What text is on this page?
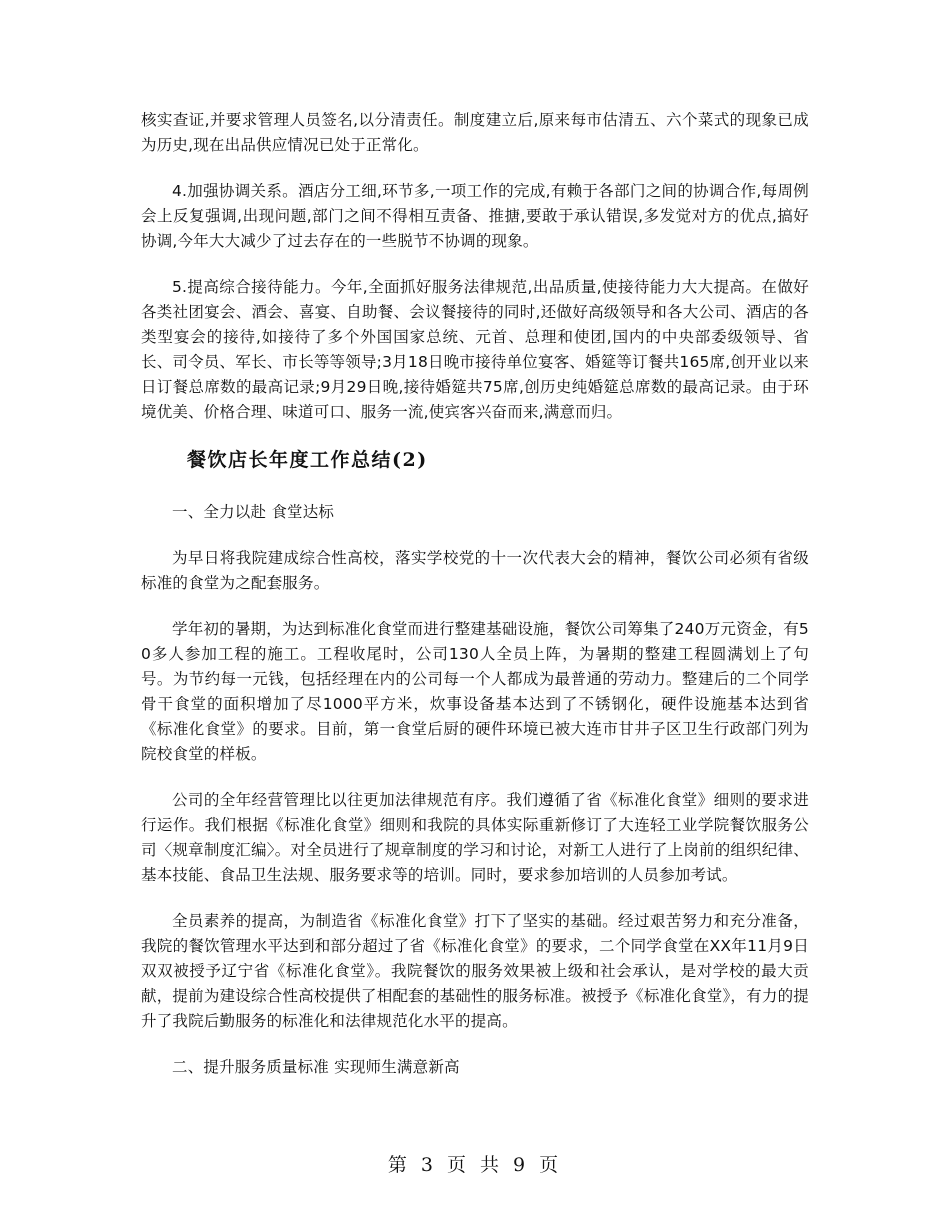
核实查证,并要求管理人员签名,以分清责任。制度建立后,原来每市估清五、六个菜式的现象已成为历史,现在出品供应情况已处于正常化。

4.加强协调关系。酒店分工细,环节多,一项工作的完成,有赖于各部门之间的协调合作,每周例会上反复强调,出现问题,部门之间不得相互责备、推搪,要敢于承认错误,多发觉对方的优点,搞好协调,今年大大减少了过去存在的一些脱节不协调的现象。

5.提高综合接待能力。今年,全面抓好服务法律规范,出品质量,使接待能力大大提高。在做好各类社团宴会、酒会、喜宴、自助餐、会议餐接待的同时,还做好高级领导和各大公司、酒店的各类型宴会的接待,如接待了多个外国国家总统、元首、总理和使团,国内的中央部委级领导、省长、司令员、军长、市长等等领导;3月18日晚市接待单位宴客、婚筵等订餐共165席,创开业以来日订餐总席数的最高记录;9月29日晚,接待婚筵共75席,创历史纯婚筵总席数的最高记录。由于环境优美、价格合理、味道可口、服务一流,使宾客兴奋而来,满意而归。

餐饮店长年度工作总结(2)

一、全力以赴 食堂达标

为早日将我院建成综合性高校，落实学校党的十一次代表大会的精神，餐饮公司必须有省级标准的食堂为之配套服务。

学年初的暑期，为达到标准化食堂而进行整建基础设施，餐饮公司筹集了240万元资金，有50多人参加工程的施工。工程收尾时，公司130人全员上阵，为暑期的整建工程圆满划上了句号。为节约每一元钱，包括经理在内的公司每一个人都成为最普通的劳动力。整建后的二个同学骨干食堂的面积增加了尽1000平方米，炊事设备基本达到了不锈钢化，硬件设施基本达到省《标准化食堂》的要求。目前，第一食堂后厨的硬件环境已被大连市甘井子区卫生行政部门列为院校食堂的样板。

公司的全年经营管理比以往更加法律规范有序。我们遵循了省《标准化食堂》细则的要求进行运作。我们根据《标准化食堂》细则和我院的具体实际重新修订了大连轻工业学院餐饮服务公司〈规章制度汇编〉。对全员进行了规章制度的学习和讨论，对新工人进行了上岗前的组织纪律、基本技能、食品卫生法规、服务要求等的培训。同时，要求参加培训的人员参加考试。

全员素养的提高，为制造省《标准化食堂》打下了坚实的基础。经过艰苦努力和充分准备，我院的餐饮管理水平达到和部分超过了省《标准化食堂》的要求，二个同学食堂在XX年11月9日双双被授予辽宁省《标准化食堂》。我院餐饮的服务效果被上级和社会承认，是对学校的最大贡献，提前为建设综合性高校提供了相配套的基础性的服务标准。被授予《标准化食堂》，有力的提升了我院后勤服务的标准化和法律规范化水平的提高。

二、提升服务质量标准 实现师生满意新高

第 3 页 共 9 页
